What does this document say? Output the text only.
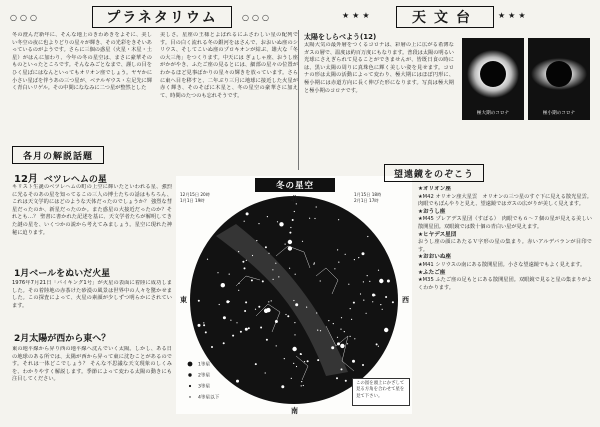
○○○	プラネタリウム	○○○
冬の澄んだ新年に、そんな地上のきわめきをよそに、美しい冬空の夜に也よりどりの星々が輝き、その光彩をきそいあっているのがようです。さらに三個の惑星（火星・木星・土星）がはんに加わり、今年の冬の星空は、まさに豪華そのものといったところです。そんなみごとなまで、謹しの目をひく星ばにはなんといってもオリオン座でしょう。ヤヤかに小さい星ばを伴うあの三つ星が、ベテルギウス・左足先に輝く青白いリゲル。その中間にななみに二つ星が整然とした
美しさ。星座の王様とよばれるにふさわしい星の配列です。目の白く流れる冬の銀河をはさんで、おおいぬ座のシリウス、そしてこいぬ座のプロキオンが結ぶ、雄大な「冬の大三角」をつくります。中天には ぎょしゃ座、おうし座がかがやき、ふたご座の見るとには、細部の星々の位置がわかるほど見事ばかりの星々の輝きを放っています。さらに東へ目を移すと、二年ぶり三月に地球に接近した火星が赤く輝き、そのそばに木星と、冬の星空の豪華さに加えて、時間のたつのも忘れそうです。
各月の解説話題
12月 ベツレヘムの星
キリスト生誕のベツレヘムの町の上空に輝いたといわれる星、強烈に光るそのあの星を知ってるこの三人の博士たちの話はもちろん、これは天文学的にはどのような天体だったのでしょうか？ 強烈な彗星だったのか、新星だったのか。また惑星の大接近だったのか？それとも…？ 聖書に書かれた記述を基に、天文学者たちが解明してきた謎の星を、いくつかの説から考えてみましょう。星空に現れた神秘に迫ります。
1月ベールをぬいだ火星
1976年7月21日「バイキング1号」が火星の表面に着陸に成功しました。その着陸地の赤茶けた砂漠の風景は世界中の人々を驚かせました。この探査によって、火星の素顔が少しずつ明らかにされています。
2月太陽が西から東へ？
東の地平線から昇り西の地平線へ沈んでいく太陽。しかし、ある日の地球のある所では、太陽が西から昇って東に沈むことがあるのです。それは一体どこでしょう？ そんな不思議な天文現象のしくみを、わかりやすく解説します。季節によって変わる太陽の動きにも注目してください。
1等星
2等星
3等星
4等星以下
冬の星空
12月15日 20時
1月1日 19時
1月15日 18時
2月1日 17時
北
南
東	西
この図を頭上にかざして見る方角を合わせて星を見て下さい。
★★★	天文台	★★★
太陽をしらべよう(12)
太陽大気の最外層をつくるコロナは、彩層の上に広がる希薄なガスの層で、温度は約百万度にもなります。普段は太陽の明るい光球にさえぎられて見ることができませんが、皆既日食の時には、黒い太陽の周りに真珠色に輝く美しい姿を見せます。コロナの形は太陽の活動によって変わり、極大期にはほぼ円形に、極小期には赤道方向に長く伸びた形になります。写真は極大期と極小期のコロナです。
極大期のコロナ	極小期のコロナ
望遠鏡をのぞこう
★オリオン座
★M42 オリオン座大星雲　オリオンの三つ星のすぐ下に見える散光星雲。肉眼でもぼんやりと見え、望遠鏡ではガスの広がりが美しく見えます。
★おうし座
★M45 プレアデス星団（すばる）　肉眼でも６〜７個の星が見える美しい散開星団。双眼鏡では数十個の青白い星が見えます。
★ヒヤデス星団
おうし座の顔にあたるＶ字形の星の集まり。赤いアルデバランが目印です。
★おおいぬ座
★M41 シリウスの南にある散開星団。小さな望遠鏡でもよく見えます。
★ふたご座
★M35 ふたご座の足もとにある散開星団。双眼鏡で見ると星の集まりがよくわかります。
